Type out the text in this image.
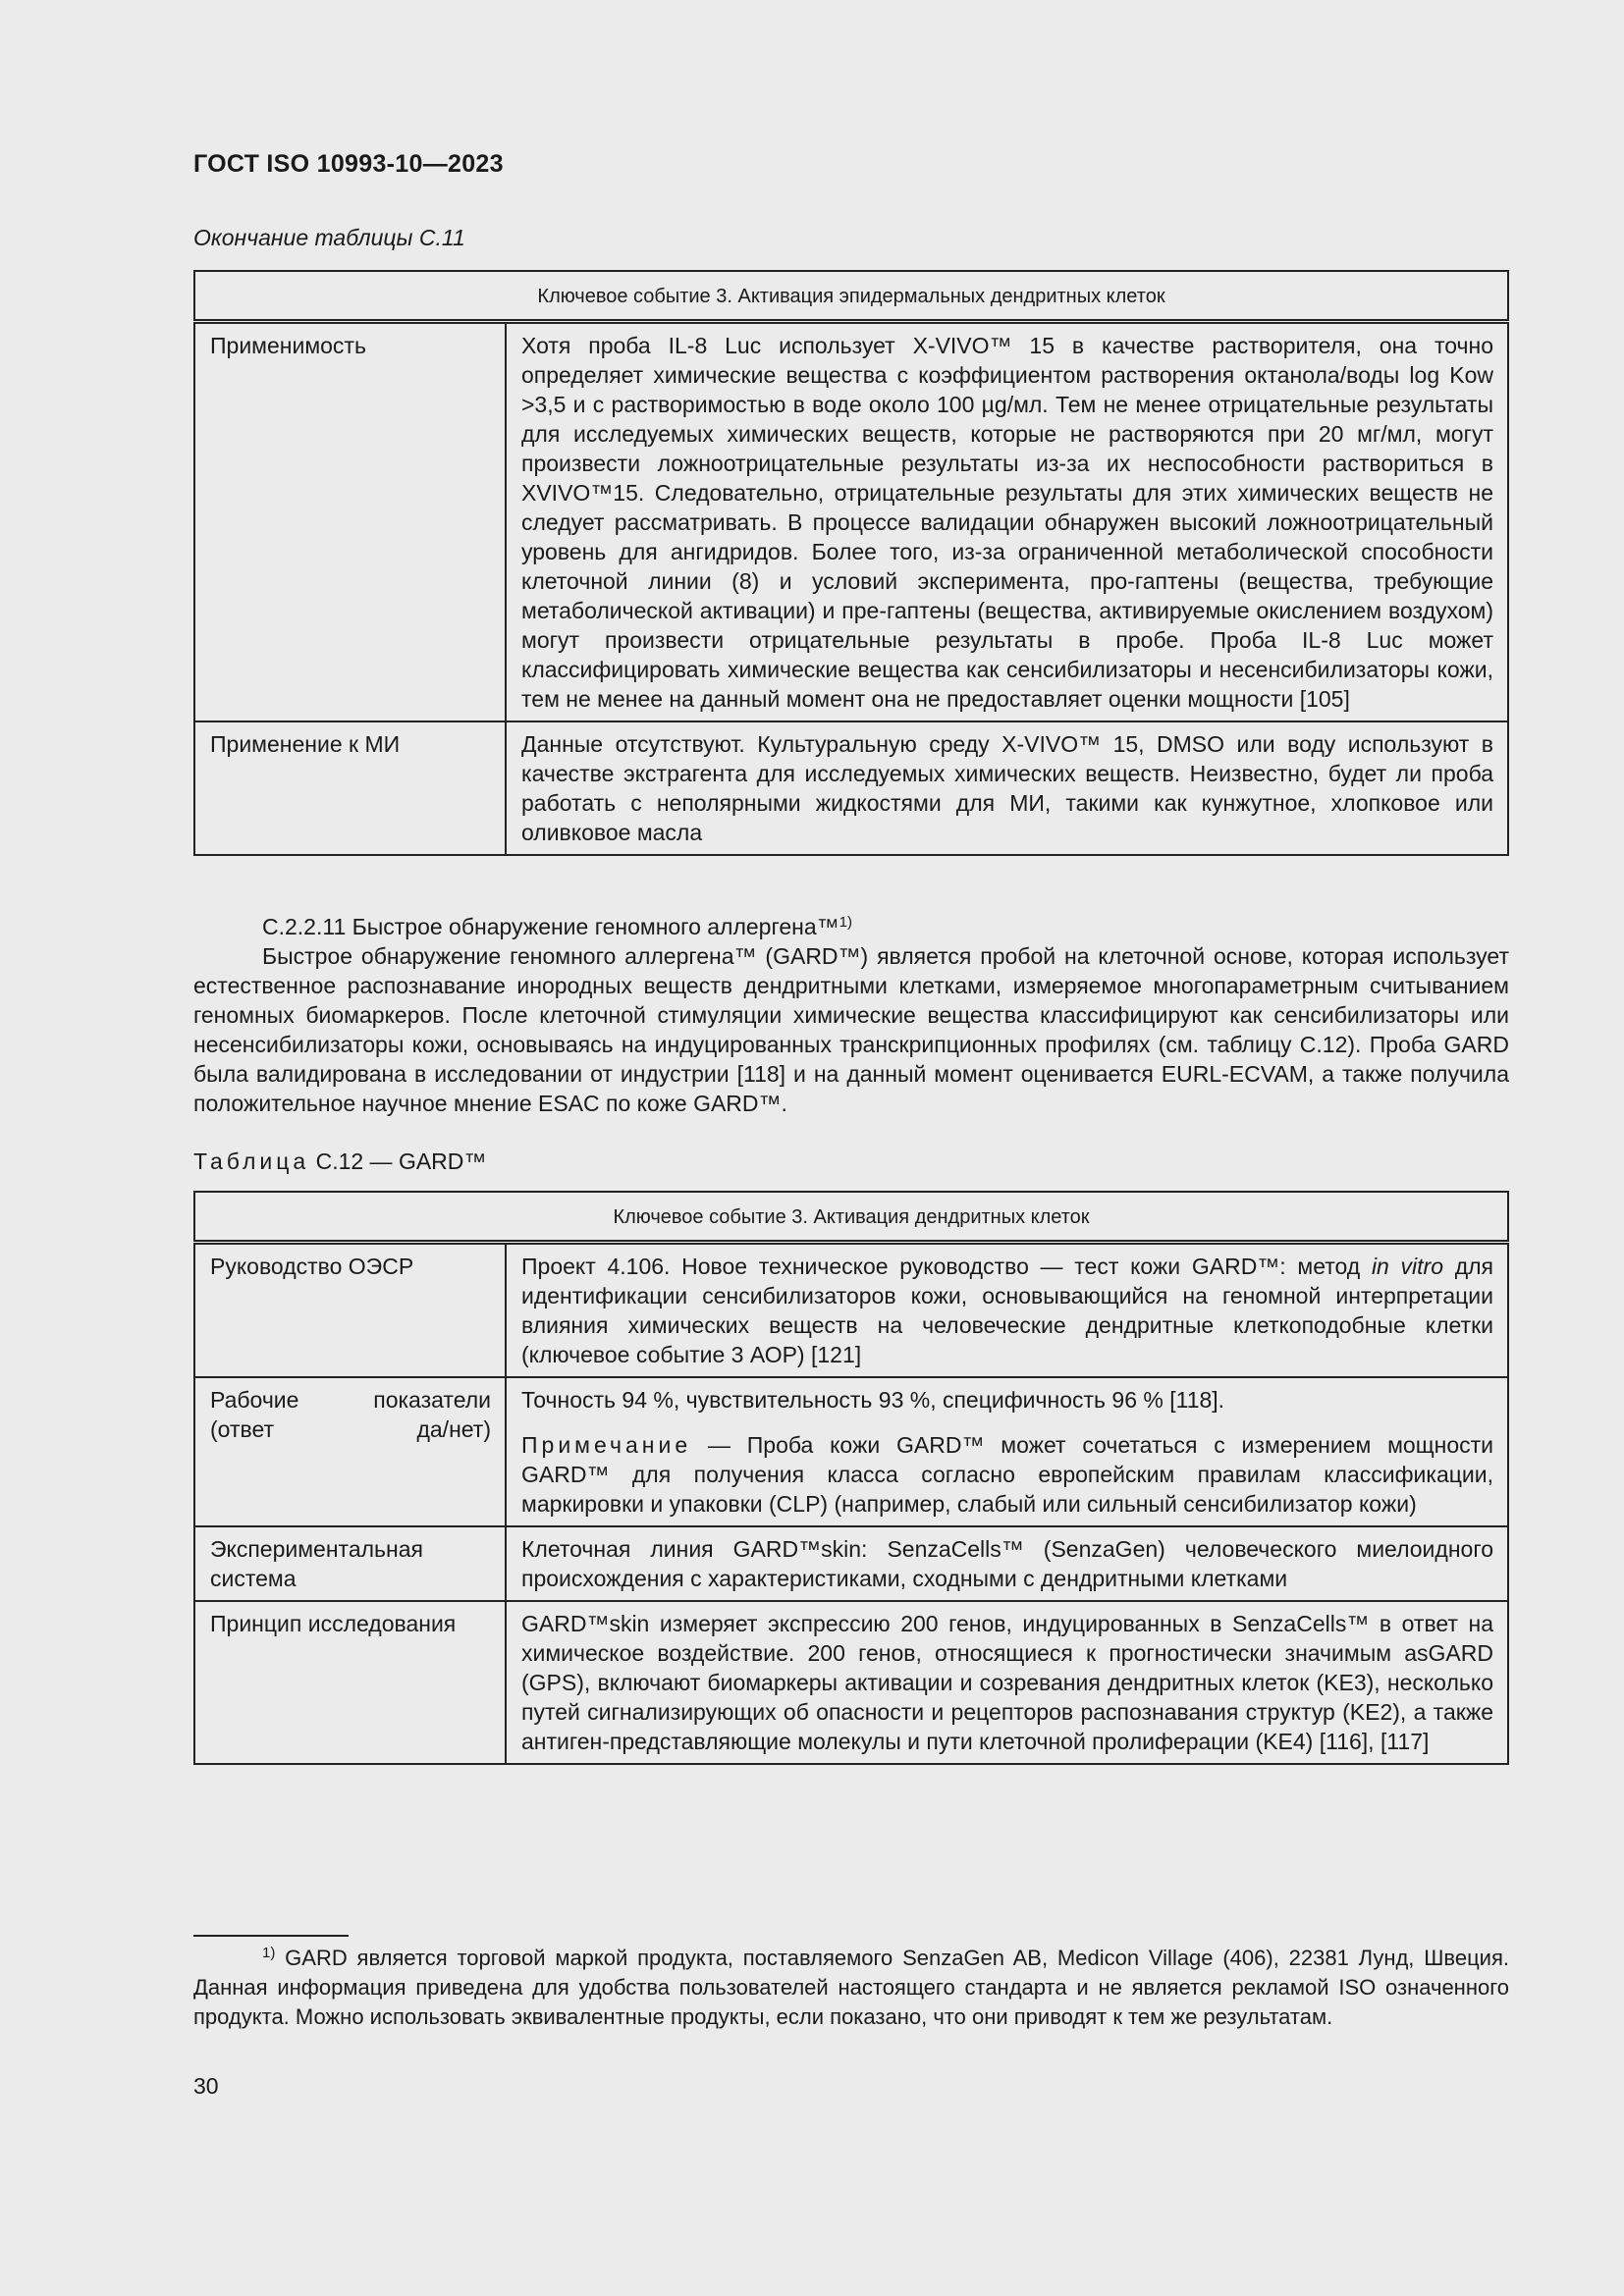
ГОСТ ISO 10993-10—2023
Окончание таблицы С.11
Ключевое событие 3. Активация эпидермальных дендритных клеток	
Применимость	Хотя проба IL-8 Luc использует X-VIVO™ 15 в качестве растворителя, она точно определяет химические вещества с коэффициентом растворения октанола/воды log Kow >3,5 и с растворимостью в воде около 100 µg/мл. Тем не менее отрицательные результаты для исследуемых химических веществ, которые не растворяются при 20 мг/мл, могут произвести ложноотрицательные результаты из-за их неспособности раствориться в XVIVO™15. Следовательно, отрицательные результаты для этих химических веществ не следует рассматривать. В процессе валидации обнаружен высокий ложноотрицательный уровень для ангидридов. Более того, из-за ограниченной метаболической способности клеточной линии (8) и условий эксперимента, про-гаптены (вещества, требующие метаболической активации) и пре-гаптены (вещества, активируемые окислением воздухом) могут произвести отрицательные результаты в пробе. Проба IL-8 Luc может классифицировать химические вещества как сенсибилизаторы и несенсибилизаторы кожи, тем не менее на данный момент она не предоставляет оценки мощности [105]
Применение к МИ	Данные отсутствуют. Культуральную среду X-VIVO™ 15, DMSO или воду используют в качестве экстрагента для исследуемых химических веществ. Неизвестно, будет ли проба работать с неполярными жидкостями для МИ, такими как кунжутное, хлопковое или оливковое масла

С.2.2.11 Быстрое обнаружение геномного аллергена™$^{1)}$

Быстрое обнаружение геномного аллергена™ (GARD™) является пробой на клеточной основе, которая использует естественное распознавание инородных веществ дендритными клетками, измеряемое многопараметрным считыванием геномных биомаркеров. После клеточной стимуляции химические вещества классифицируют как сенсибилизаторы или несенсибилизаторы кожи, основываясь на индуцированных транскрипционных профилях (см. таблицу С.12). Проба GARD была валидирована в исследовании от индустрии [118] и на данный момент оценивается EURL-ECVAM, а также получила положительное научное мнение ESAC по коже GARD™.

Таблица С.12 — GARD™
Ключевое событие 3. Активация дендритных клеток	
Руководство ОЭСР	Проект 4.106. Новое техническое руководство — тест кожи GARD™: метод in vitro для идентификации сенсибилизаторов кожи, основывающийся на геномной интерпретации влияния химических веществ на человеческие дендритные клеткоподобные клетки (ключевое событие 3 АОР) [121]

Рабочие показатели (ответ да/нет)	Точность 94 %, чувствительность 93 %, специфичность 96 % [118].
Примечание — Проба кожи GARD™ может сочетаться с измерением мощности GARD™ для получения класса согласно европейским правилам классификации, маркировки и упаковки (CLP) (например, слабый или сильный сенсибилизатор кожи)

Экспериментальная система	Клеточная линия GARD™skin: SenzaCells™ (SenzaGen) человеческого миелоидного происхождения с характеристиками, сходными с дендритными клетками
Принцип исследования	GARD™skin измеряет экспрессию 200 генов, индуцированных в SenzaCells™ в ответ на химическое воздействие. 200 генов, относящиеся к прогностически значимым asGARD (GPS), включают биомаркеры активации и созревания дендритных клеток (KE3), несколько путей сигнализирующих об опасности и рецепторов распознавания структур (KE2), а также антиген-представляющие молекулы и пути клеточной пролиферации (KE4) [116], [117]
$^{1)}$ GARD является торговой маркой продукта, поставляемого SenzaGen AB, Medicon Village (406), 22381 Лунд, Швеция. Данная информация приведена для удобства пользователей настоящего стандарта и не является рекламой ISO означенного продукта. Можно использовать эквивалентные продукты, если показано, что они приводят к тем же результатам.
30
